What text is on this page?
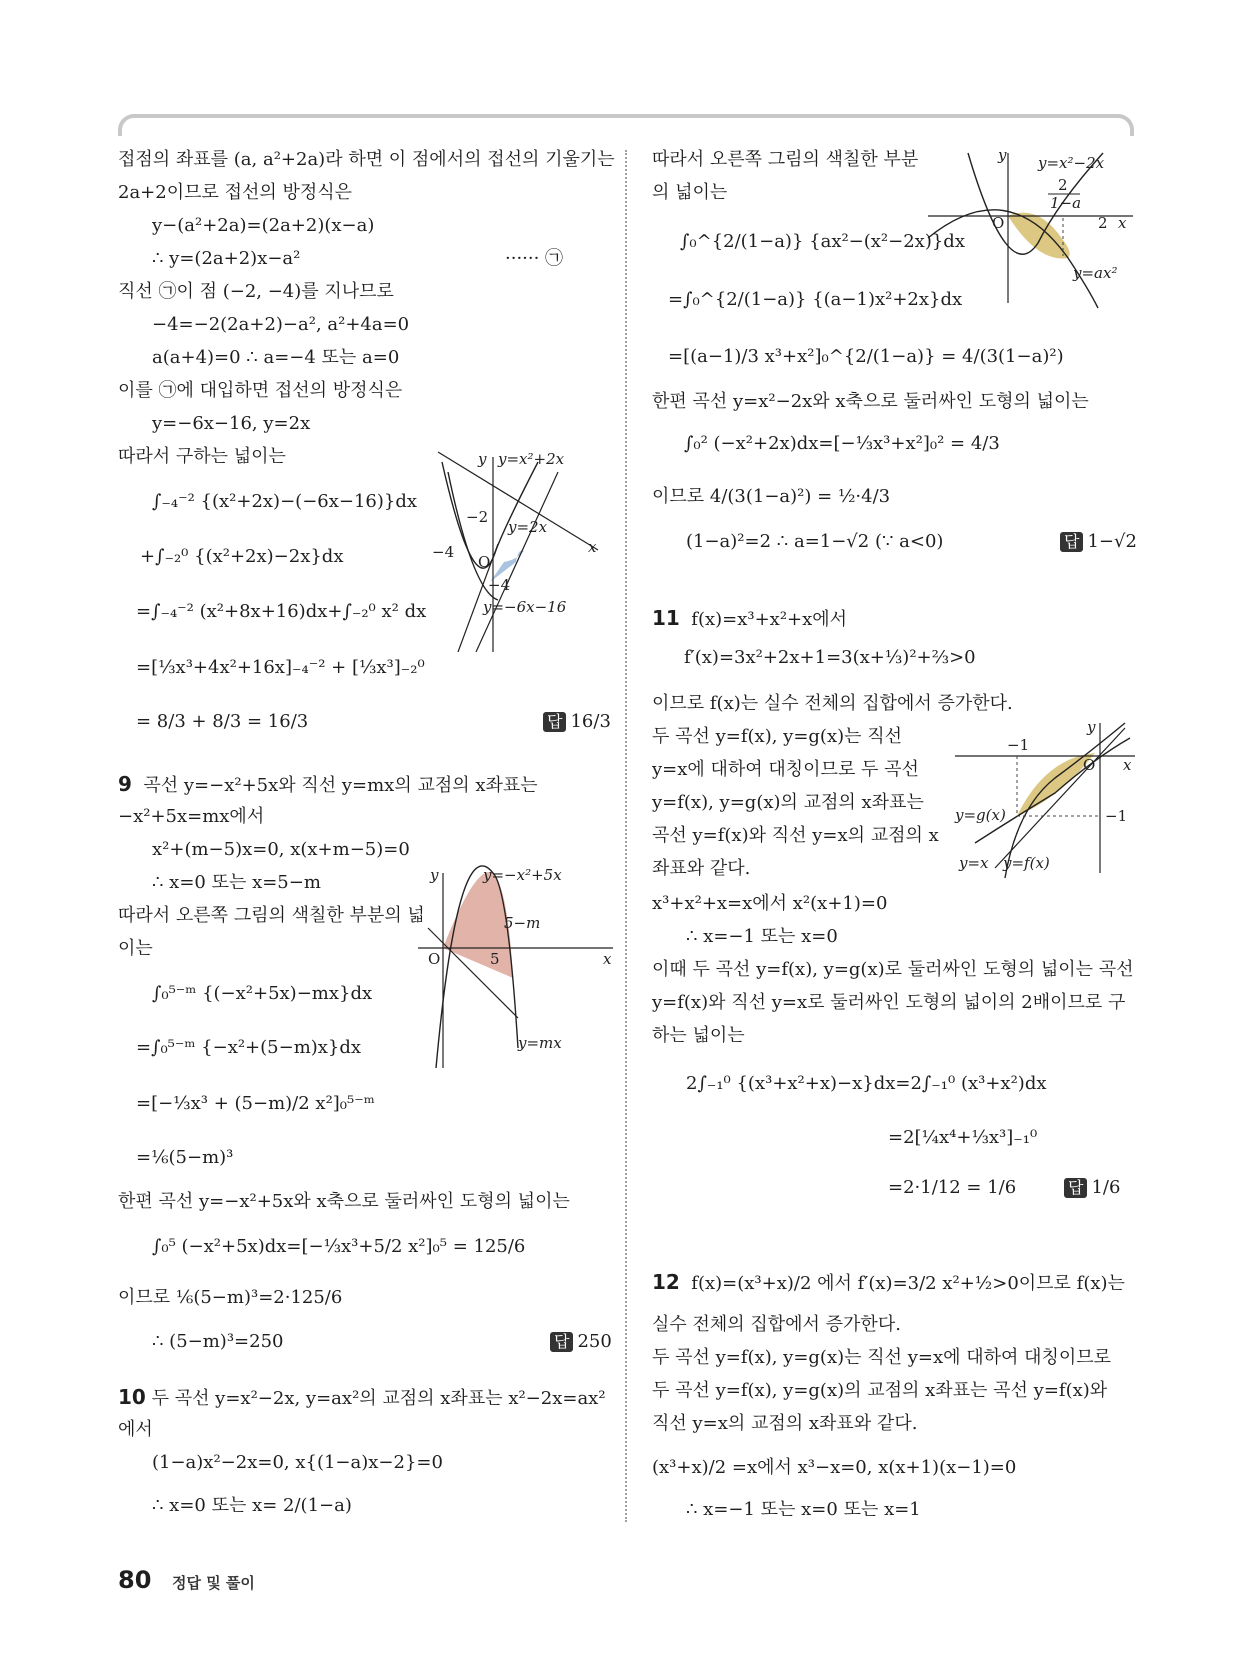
접점의 좌표를 (a, a²+2a)라 하면 이 점에서의 접선의 기울기는
2a+2이므로 접선의 방정식은
y−(a²+2a)=(2a+2)(x−a)
∴ y=(2a+2)x−a²	······ ㉠
직선 ㉠이 점 (−2, −4)를 지나므로
−4=−2(2a+2)−a², a²+4a=0
a(a+4)=0 ∴ a=−4 또는 a=0
이를 ㉠에 대입하면 접선의 방정식은
y=−6x−16, y=2x
따라서 구하는 넓이는
∫₋₄⁻² {(x²+2x)−(−6x−16)}dx
+∫₋₂⁰ {(x²+2x)−2x}dx
=∫₋₄⁻² (x²+8x+16)dx+∫₋₂⁰ x² dx
=[⅓x³+4x²+16x]₋₄⁻² + [⅓x³]₋₂⁰
= 8/3 + 8/3 = 16/3	답 16/3
9 곡선 y=−x²+5x와 직선 y=mx의 교점의 x좌표는
−x²+5x=mx에서
x²+(m−5)x=0, x(x+m−5)=0
∴ x=0 또는 x=5−m
따라서 오른쪽 그림의 색칠한 부분의 넓
이는
∫₀⁵⁻ᵐ {(−x²+5x)−mx}dx
=∫₀⁵⁻ᵐ {−x²+(5−m)x}dx
=[−⅓x³ + (5−m)/2 x²]₀⁵⁻ᵐ
=⅙(5−m)³
한편 곡선 y=−x²+5x와 x축으로 둘러싸인 도형의 넓이는
∫₀⁵ (−x²+5x)dx=[−⅓x³+5/2 x²]₀⁵ = 125/6
이므로 ⅙(5−m)³=2·125/6
∴ (5−m)³=250	답 250
10 두 곡선 y=x²−2x, y=ax²의 교점의 x좌표는 x²−2x=ax²
에서
(1−a)x²−2x=0, x{(1−a)x−2}=0
∴ x=0 또는 x= 2/(1−a)
O
x
y y=x²+2x
y=2x
y=−6x−16
−4
−2
−4
O	x
y	y=−x²+5x
y=mx
5−m
5
따라서 오른쪽 그림의 색칠한 부분
의 넓이는
∫₀^{2/(1−a)} {ax²−(x²−2x)}dx
=∫₀^{2/(1−a)} {(a−1)x²+2x}dx
=[(a−1)/3 x³+x²]₀^{2/(1−a)} = 4/(3(1−a)²)
한편 곡선 y=x²−2x와 x축으로 둘러싸인 도형의 넓이는
∫₀² (−x²+2x)dx=[−⅓x³+x²]₀² = 4/3
이므로 4/(3(1−a)²) = ½·4/3
(1−a)²=2 ∴ a=1−√2 (∵ a<0)	답 1−√2
11 f(x)=x³+x²+x에서
f′(x)=3x²+2x+1=3(x+⅓)²+⅔>0
이므로 f(x)는 실수 전체의 집합에서 증가한다.
두 곡선 y=f(x), y=g(x)는 직선
y=x에 대하여 대칭이므로 두 곡선
y=f(x), y=g(x)의 교점의 x좌표는
곡선 y=f(x)와 직선 y=x의 교점의 x
좌표와 같다.
x³+x²+x=x에서 x²(x+1)=0
∴ x=−1 또는 x=0
이때 두 곡선 y=f(x), y=g(x)로 둘러싸인 도형의 넓이는 곡선
y=f(x)와 직선 y=x로 둘러싸인 도형의 넓이의 2배이므로 구
하는 넓이는
2∫₋₁⁰ {(x³+x²+x)−x}dx=2∫₋₁⁰ (x³+x²)dx
=2[¼x⁴+⅓x³]₋₁⁰
=2·1/12 = 1/6	답 1/6
12 f(x)=(x³+x)/2 에서 f′(x)=3/2 x²+½>0이므로 f(x)는
실수 전체의 집합에서 증가한다.
두 곡선 y=f(x), y=g(x)는 직선 y=x에 대하여 대칭이므로
두 곡선 y=f(x), y=g(x)의 교점의 x좌표는 곡선 y=f(x)와
직선 y=x의 교점의 x좌표와 같다.
(x³+x)/2 =x에서 x³−x=0, x(x+1)(x−1)=0
∴ x=−1 또는 x=0 또는 x=1
O	x
y y=x²−2x
y=ax²
2
1−a
2
O x
y
−1
−1
y=g(x)
y=x y=f(x)
80 정답 및 풀이
